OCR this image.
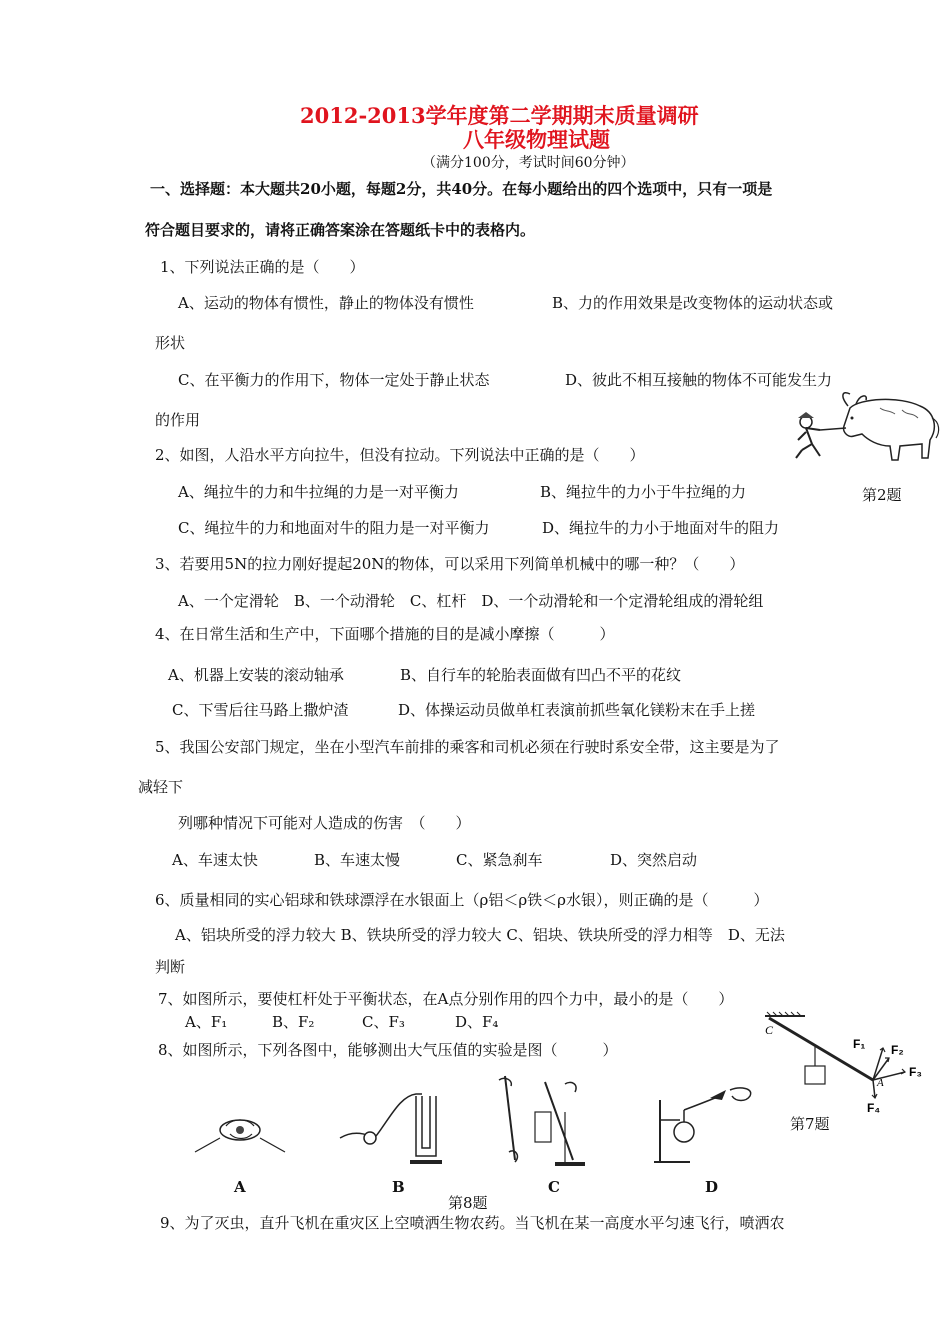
2012-2013学年度第二学期期末质量调研
八年级物理试题
（满分100分，考试时间60分钟）
一、选择题：本大题共20小题，每题2分，共40分。在每小题给出的四个选项中，只有一项是
符合题目要求的，请将正确答案涂在答题纸卡中的表格内。
1、下列说法正确的是（　　）
A、运动的物体有惯性，静止的物体没有惯性	B、力的作用效果是改变物体的运动状态或
形状
C、在平衡力的作用下，物体一定处于静止状态	D、彼此不相互接触的物体不可能发生力
的作用
第2题
2、如图，人沿水平方向拉牛，但没有拉动。下列说法中正确的是（　　）
A、绳拉牛的力和牛拉绳的力是一对平衡力	B、绳拉牛的力小于牛拉绳的力
C、绳拉牛的力和地面对牛的阻力是一对平衡力	D、绳拉牛的力小于地面对牛的阻力
3、若要用5N的拉力刚好提起20N的物体，可以采用下列简单机械中的哪一种？（　　）
A、一个定滑轮　B、一个动滑轮　C、杠杆　D、一个动滑轮和一个定滑轮组成的滑轮组
4、在日常生活和生产中，下面哪个措施的目的是减小摩擦（　　　）
A、机器上安装的滚动轴承	B、自行车的轮胎表面做有凹凸不平的花纹
C、下雪后往马路上撒炉渣	D、体操运动员做单杠表演前抓些氧化镁粉末在手上搓
5、我国公安部门规定，坐在小型汽车前排的乘客和司机必须在行驶时系安全带，这主要是为了
减轻下
列哪种情况下可能对人造成的伤害　（　　）
A、车速太快	B、车速太慢	C、紧急刹车	D、突然启动
6、质量相同的实心铝球和铁球漂浮在水银面上（ρ铝＜ρ铁＜ρ水银），则正确的是（　　　）
A、铝块所受的浮力较大 B、铁块所受的浮力较大 C、铝块、铁块所受的浮力相等　D、无法
判断
7、如图所示，要使杠杆处于平衡状态，在A点分别作用的四个力中，最小的是（　　）
A、F₁	B、F₂	C、F₃	D、F₄	C
F₁ F₂
F₃
F₄
A
第7题
8、如图所示，下列各图中，能够测出大气压值的实验是图（　　　）
A	B	C	D
第8题
9、为了灭虫，直升飞机在重灾区上空喷洒生物农药。当飞机在某一高度水平匀速飞行，喷洒农
